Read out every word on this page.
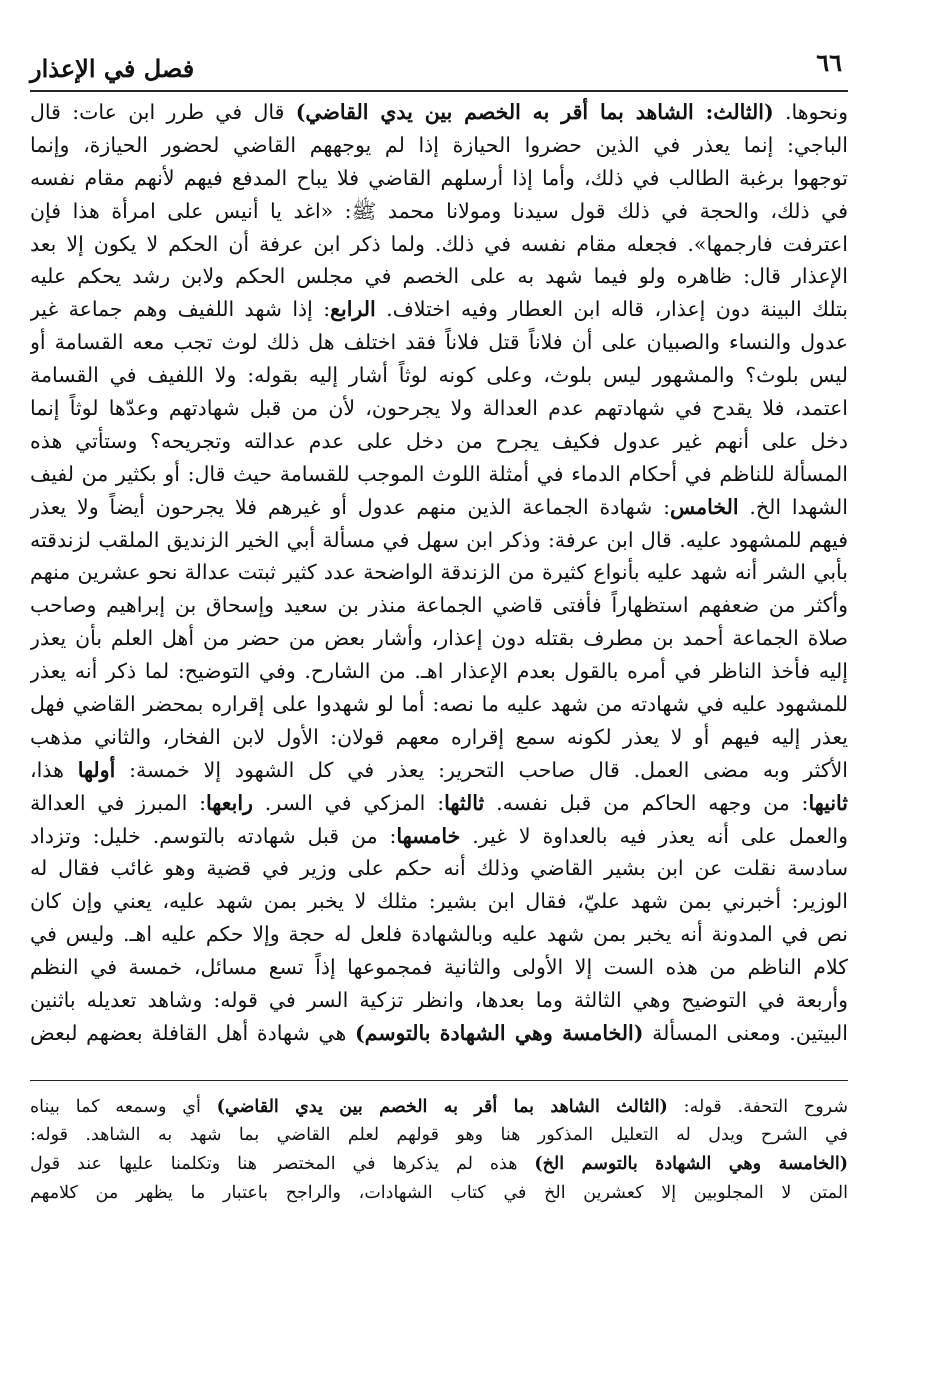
٦٦
فصل في الإعذار
ونحوها. (الثالث: الشاهد بما أقر به الخصم بين يدي القاضي) قال في طرر ابن عات: قال
الباجي: إنما يعذر في الذين حضروا الحيازة إذا لم يوجههم القاضي لحضور الحيازة، وإنما
توجهوا برغبة الطالب في ذلك، وأما إذا أرسلهم القاضي فلا يباح المدفع فيهم لأنهم مقام نفسه
في ذلك، والحجة في ذلك قول سيدنا ومولانا محمد ﷺ: «اغد يا أنيس على امرأة هذا فإن
اعترفت فارجمها». فجعله مقام نفسه في ذلك. ولما ذكر ابن عرفة أن الحكم لا يكون إلا بعد
الإعذار قال: ظاهره ولو فيما شهد به على الخصم في مجلس الحكم ولابن رشد يحكم عليه
بتلك البينة دون إعذار، قاله ابن العطار وفيه اختلاف. الرابع: إذا شهد اللفيف وهم جماعة غير
عدول والنساء والصبيان على أن فلاناً قتل فلاناً فقد اختلف هل ذلك لوث تجب معه القسامة أو
ليس بلوث؟ والمشهور ليس بلوث، وعلى كونه لوثاً أشار إليه بقوله: ولا اللفيف في القسامة
اعتمد، فلا يقدح في شهادتهم عدم العدالة ولا يجرحون، لأن من قبل شهادتهم وعدّها لوثاً إنما
دخل على أنهم غير عدول فكيف يجرح من دخل على عدم عدالته وتجريحه؟ وستأتي هذه
المسألة للناظم في أحكام الدماء في أمثلة اللوث الموجب للقسامة حيث قال: أو بكثير من لفيف
الشهدا الخ. الخامس: شهادة الجماعة الذين منهم عدول أو غيرهم فلا يجرحون أيضاً ولا يعذر
فيهم للمشهود عليه. قال ابن عرفة: وذكر ابن سهل في مسألة أبي الخير الزنديق الملقب لزندقته
بأبي الشر أنه شهد عليه بأنواع كثيرة من الزندقة الواضحة عدد كثير ثبتت عدالة نحو عشرين منهم
وأكثر من ضعفهم استظهاراً فأفتى قاضي الجماعة منذر بن سعيد وإسحاق بن إبراهيم وصاحب
صلاة الجماعة أحمد بن مطرف بقتله دون إعذار، وأشار بعض من حضر من أهل العلم بأن يعذر
إليه فأخذ الناظر في أمره بالقول بعدم الإعذار اهـ. من الشارح. وفي التوضيح: لما ذكر أنه يعذر
للمشهود عليه في شهادته من شهد عليه ما نصه: أما لو شهدوا على إقراره بمحضر القاضي فهل
يعذر إليه فيهم أو لا يعذر لكونه سمع إقراره معهم قولان: الأول لابن الفخار، والثاني مذهب
الأكثر وبه مضى العمل. قال صاحب التحرير: يعذر في كل الشهود إلا خمسة: أولها هذا،
ثانيها: من وجهه الحاكم من قبل نفسه. ثالثها: المزكي في السر. رابعها: المبرز في العدالة
والعمل على أنه يعذر فيه بالعداوة لا غير. خامسها: من قبل شهادته بالتوسم. خليل: وتزداد
سادسة نقلت عن ابن بشير القاضي وذلك أنه حكم على وزير في قضية وهو غائب فقال له
الوزير: أخبرني بمن شهد عليّ، فقال ابن بشير: مثلك لا يخبر بمن شهد عليه، يعني وإن كان
نص في المدونة أنه يخبر بمن شهد عليه وبالشهادة فلعل له حجة وإلا حكم عليه اهـ. وليس في
كلام الناظم من هذه الست إلا الأولى والثانية فمجموعها إذاً تسع مسائل، خمسة في النظم
وأربعة في التوضيح وهي الثالثة وما بعدها، وانظر تزكية السر في قوله: وشاهد تعديله باثنين
البيتين. ومعنى المسألة (الخامسة وهي الشهادة بالتوسم) هي شهادة أهل القافلة بعضهم لبعض
شروح التحفة. قوله: (الثالث الشاهد بما أقر به الخصم بين يدي القاضي) أي وسمعه كما بيناه
في الشرح ويدل له التعليل المذكور هنا وهو قولهم لعلم القاضي بما شهد به الشاهد. قوله:
(الخامسة وهي الشهادة بالتوسم الخ) هذه لم يذكرها في المختصر هنا وتكلمنا عليها عند قول
المتن لا المجلوبين إلا كعشرين الخ في كتاب الشهادات، والراجح باعتبار ما يظهر من كلامهم
